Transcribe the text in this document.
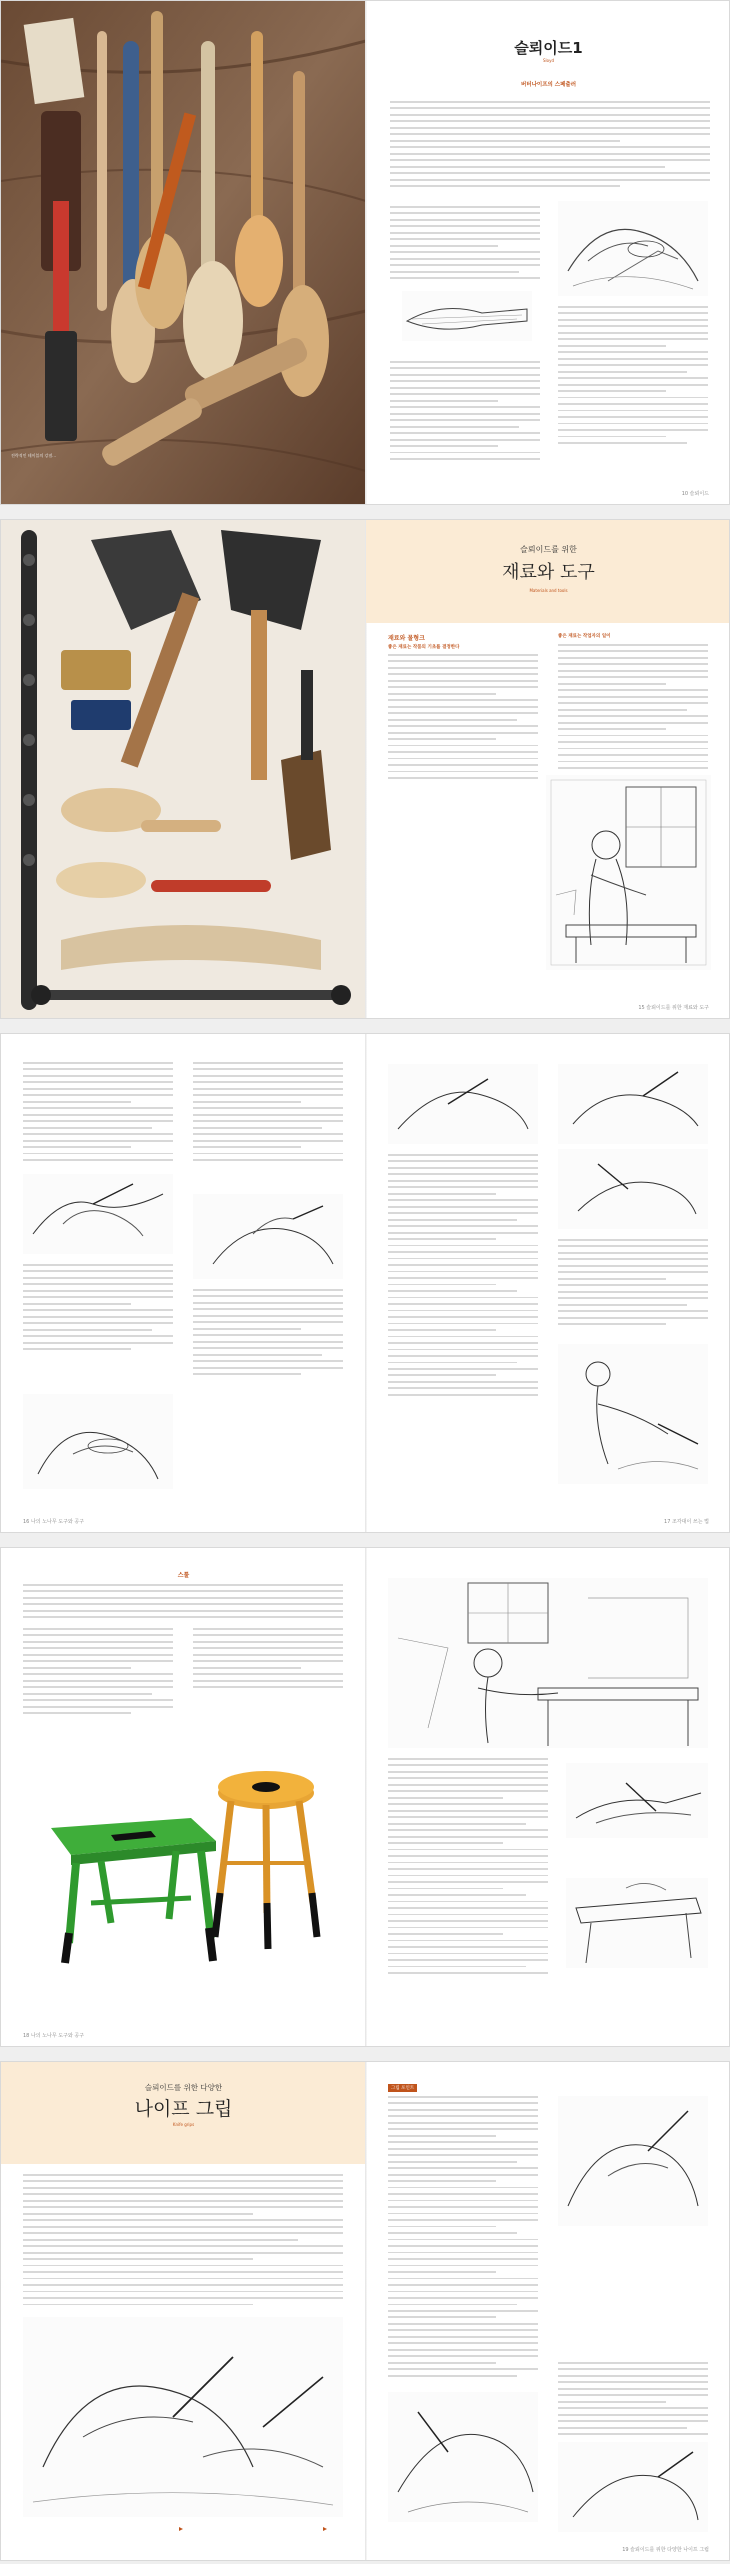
전략적인 테이블의 강점...
슬뢰이드1
Sloyd
버터나이프의 스페츌러
10 슬뢰이드
슬뢰이드를 위한
재료와 도구
Materials and tools
재료와 물형크
좋은 재료는 작품의 기초를 결정한다
좋은 재료는 작업자의 일이
15 슬뢰이드를 위한 재료와 도구
16 나의 노나무 도구와 공구	17 조각대이 쓰는 법
스툴
18 나의 노나무 도구와 공구
슬뢰이드를 위한 다양한
나이프 그립
Knife grips
그립 포인트
19 슬뢰이드를 위한 다양한 나이프 그립
